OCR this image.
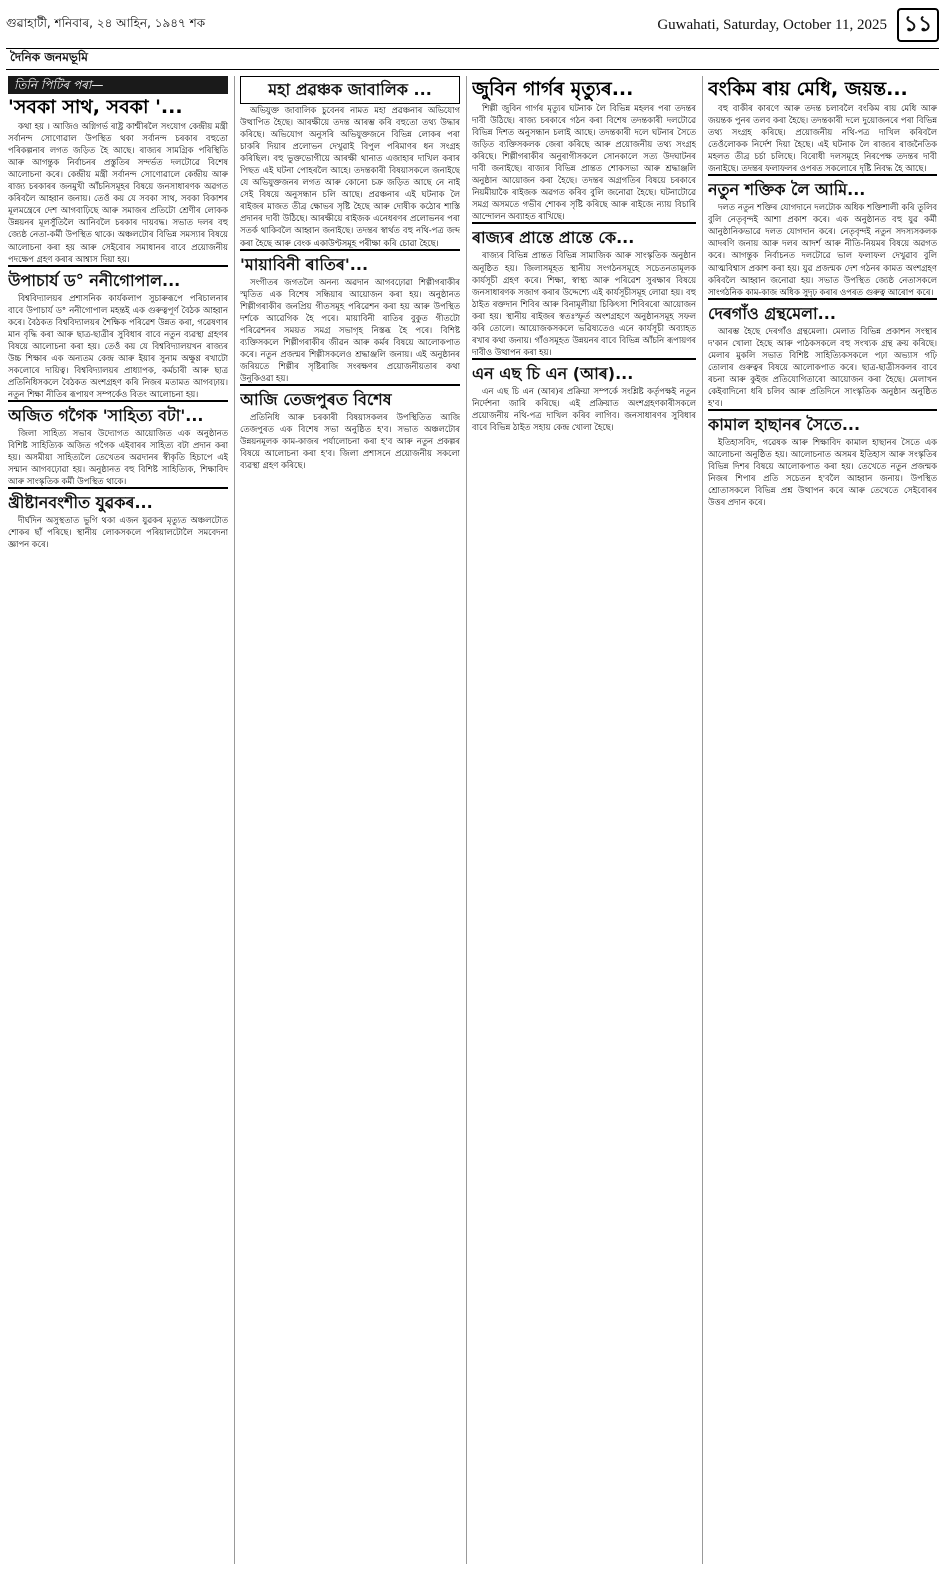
গুৱাহাটী, শনিবাৰ, ২৪ আহিন, ১৯৪৭ শক	Guwahati, Saturday, October 11, 2025 ১১
দৈনিক জনমভূমি

তিনি পিটিৰ পৰা—

'সবকা সাথ, সবকা '...

কথা হয় । আজিও অগ্নিগৰ্ভ ৰাষ্ট্ৰ কাশ্মীৰলৈ সংযোগ কেন্দ্ৰীয় মন্ত্ৰী সৰ্বানন্দ সোণোৱাল উপস্থিত থকা সৰ্বানন্দ চৰকাৰ বহুতো পৰিকল্পনাৰ লগত জড়িত হৈ আছে। ৰাজ্যৰ সামগ্ৰিক পৰিস্থিতি আৰু আগন্তুক নিৰ্বাচনৰ প্ৰস্তুতিৰ সন্দৰ্ভত দলটোৱে বিশেষ আলোচনা কৰে। কেন্দ্ৰীয় মন্ত্ৰী সৰ্বানন্দ সোণোৱালে কেন্দ্ৰীয় আৰু ৰাজ্য চৰকাৰৰ জনমুখী আঁচনিসমূহৰ বিষয়ে জনসাধাৰণক অৱগত কৰিবলৈ আহ্বান জনায়। তেওঁ কয় যে সবকা সাথ, সবকা বিকাশৰ মূলমন্ত্ৰেৰে দেশ আগবাঢ়িছে আৰু সমাজৰ প্ৰতিটো শ্ৰেণীৰ লোকক উন্নয়নৰ মূলসুঁতিলৈ আনিবলৈ চৰকাৰ দায়বদ্ধ। সভাত দলৰ বহু জ্যেষ্ঠ নেতা-কৰ্মী উপস্থিত থাকে। অঞ্চলটোৰ বিভিন্ন সমস্যাৰ বিষয়ে আলোচনা কৰা হয় আৰু সেইবোৰ সমাধানৰ বাবে প্ৰয়োজনীয় পদক্ষেপ গ্ৰহণ কৰাৰ আশ্বাস দিয়া হয়।

উপাচাৰ্য ড° ননীগোপাল...

বিশ্ববিদ্যালয়ৰ প্ৰশাসনিক কাৰ্যকলাপ সুচাৰুৰূপে পৰিচালনাৰ বাবে উপাচাৰ্য ড° ননীগোপাল মহন্তই এক গুৰুত্বপূৰ্ণ বৈঠক আহ্বান কৰে। বৈঠকত বিশ্ববিদ্যালয়ৰ শৈক্ষিক পৰিৱেশ উন্নত কৰা, গৱেষণাৰ মান বৃদ্ধি কৰা আৰু ছাত্ৰ-ছাত্ৰীৰ সুবিধাৰ বাবে নতুন ব্যৱস্থা গ্ৰহণৰ বিষয়ে আলোচনা কৰা হয়। তেওঁ কয় যে বিশ্ববিদ্যালয়খন ৰাজ্যৰ উচ্চ শিক্ষাৰ এক অন্যতম কেন্দ্ৰ আৰু ইয়াৰ সুনাম অক্ষুণ্ণ ৰখাটো সকলোৰে দায়িত্ব। বিশ্ববিদ্যালয়ৰ প্ৰাধ্যাপক, কৰ্মচাৰী আৰু ছাত্ৰ প্ৰতিনিধিসকলে বৈঠকত অংশগ্ৰহণ কৰি নিজৰ মতামত আগবঢ়ায়। নতুন শিক্ষা নীতিৰ ৰূপায়ণ সম্পৰ্কেও বিতং আলোচনা হয়।

অজিত গগৈক 'সাহিত্য বটা'...

জিলা সাহিত্য সভাৰ উদ্যোগত আয়োজিত এক অনুষ্ঠানত বিশিষ্ট সাহিত্যিক অজিত গগৈক এইবাৰৰ সাহিত্য বটা প্ৰদান কৰা হয়। অসমীয়া সাহিত্যলৈ তেখেতৰ অৱদানৰ স্বীকৃতি হিচাপে এই সন্মান আগবঢ়োৱা হয়। অনুষ্ঠানত বহু বিশিষ্ট সাহিত্যিক, শিক্ষাবিদ আৰু সাংস্কৃতিক কৰ্মী উপস্থিত থাকে।

খ্ৰীষ্টানবংশীত যুৱকৰ...

দীৰ্ঘদিন অসুস্থতাত ভুগি থকা এজন যুৱকৰ মৃত্যুত অঞ্চলটোত শোকৰ ছাঁ পৰিছে। স্থানীয় লোকসকলে পৰিয়ালটোলৈ সমবেদনা জ্ঞাপন কৰে।

মহা প্ৰৱঞ্চক জাবালিক ...

অভিযুক্ত জাবালিক চুবেনৰ নামত মহা প্ৰৱঞ্চনাৰ অভিযোগ উত্থাপিত হৈছে। আৰক্ষীয়ে তদন্ত আৰম্ভ কৰি বহুতো তথ্য উদ্ধাৰ কৰিছে। অভিযোগ অনুসৰি অভিযুক্তজনে বিভিন্ন লোকৰ পৰা চাকৰি দিয়াৰ প্ৰলোভন দেখুৱাই বিপুল পৰিমাণৰ ধন সংগ্ৰহ কৰিছিল। বহু ভুক্তভোগীয়ে আৰক্ষী থানাত এজাহাৰ দাখিল কৰাৰ পিছত এই ঘটনা পোহৰলৈ আহে। তদন্তকাৰী বিষয়াসকলে জনাইছে যে অভিযুক্তজনৰ লগত আৰু কোনো চক্ৰ জড়িত আছে নে নাই সেই বিষয়ে অনুসন্ধান চলি আছে। প্ৰৱঞ্চনাৰ এই ঘটনাক লৈ ৰাইজৰ মাজত তীব্ৰ ক্ষোভৰ সৃষ্টি হৈছে আৰু দোষীক কঠোৰ শাস্তি প্ৰদানৰ দাবী উঠিছে। আৰক্ষীয়ে ৰাইজক এনেধৰণৰ প্ৰলোভনৰ পৰা সতৰ্ক থাকিবলৈ আহ্বান জনাইছে। তদন্তৰ স্বাৰ্থত বহু নথি-পত্ৰ জব্দ কৰা হৈছে আৰু বেংক একাউণ্টসমূহ পৰীক্ষা কৰি চোৱা হৈছে।

'মায়াবিনী ৰাতিৰ'...

সংগীতৰ জগতলৈ অনন্য অৱদান আগবঢ়োৱা শিল্পীগৰাকীৰ স্মৃতিত এক বিশেষ সন্ধিয়াৰ আয়োজন কৰা হয়। অনুষ্ঠানত শিল্পীগৰাকীৰ জনপ্ৰিয় গীতসমূহ পৰিৱেশন কৰা হয় আৰু উপস্থিত দৰ্শকে আৱেগিক হৈ পৰে। মায়াবিনী ৰাতিৰ বুকুত গীতটো পৰিৱেশনৰ সময়ত সমগ্ৰ সভাগৃহ নিস্তব্ধ হৈ পৰে। বিশিষ্ট ব্যক্তিসকলে শিল্পীগৰাকীৰ জীৱন আৰু কৰ্মৰ বিষয়ে আলোকপাত কৰে। নতুন প্ৰজন্মৰ শিল্পীসকলেও শ্ৰদ্ধাঞ্জলি জনায়। এই অনুষ্ঠানৰ জৰিয়তে শিল্পীৰ সৃষ্টিৰাজি সংৰক্ষণৰ প্ৰয়োজনীয়তাৰ কথা উনুকিওৱা হয়।

আজি তেজপুৰত বিশেষ

প্ৰতিনিধি আৰু চৰকাৰী বিষয়াসকলৰ উপস্থিতিত আজি তেজপুৰত এক বিশেষ সভা অনুষ্ঠিত হ'ব। সভাত অঞ্চলটোৰ উন্নয়নমূলক কাম-কাজৰ পৰ্যালোচনা কৰা হ'ব আৰু নতুন প্ৰকল্পৰ বিষয়ে আলোচনা কৰা হ'ব। জিলা প্ৰশাসনে প্ৰয়োজনীয় সকলো ব্যৱস্থা গ্ৰহণ কৰিছে।

জুবিন গাৰ্গৰ মৃত্যুৰ...

শিল্পী জুবিন গাৰ্গৰ মৃত্যুৰ ঘটনাক লৈ বিভিন্ন মহলৰ পৰা তদন্তৰ দাবী উঠিছে। ৰাজ্য চৰকাৰে গঠন কৰা বিশেষ তদন্তকাৰী দলটোৱে বিভিন্ন দিশত অনুসন্ধান চলাই আছে। তদন্তকাৰী দলে ঘটনাৰ সৈতে জড়িত ব্যক্তিসকলক জেৰা কৰিছে আৰু প্ৰয়োজনীয় তথ্য সংগ্ৰহ কৰিছে। শিল্পীগৰাকীৰ অনুৰাগীসকলে সোনকালে সত্য উদঘাটনৰ দাবী জনাইছে। ৰাজ্যৰ বিভিন্ন প্ৰান্তত শোকসভা আৰু শ্ৰদ্ধাঞ্জলি অনুষ্ঠান আয়োজন কৰা হৈছে। তদন্তৰ অগ্ৰগতিৰ বিষয়ে চৰকাৰে নিয়মীয়াকৈ ৰাইজক অৱগত কৰিব বুলি জনোৱা হৈছে। ঘটনাটোৱে সমগ্ৰ অসমতে গভীৰ শোকৰ সৃষ্টি কৰিছে আৰু ৰাইজে ন্যায় বিচাৰি আন্দোলন অব্যাহত ৰাখিছে।

ৰাজ্যৰ প্ৰান্তে প্ৰান্তে কে...

ৰাজ্যৰ বিভিন্ন প্ৰান্তত বিভিন্ন সামাজিক আৰু সাংস্কৃতিক অনুষ্ঠান অনুষ্ঠিত হয়। জিলাসমূহত স্থানীয় সংগঠনসমূহে সচেতনতামূলক কাৰ্যসূচী গ্ৰহণ কৰে। শিক্ষা, স্বাস্থ্য আৰু পৰিৱেশ সুৰক্ষাৰ বিষয়ে জনসাধাৰণক সজাগ কৰাৰ উদ্দেশ্যে এই কাৰ্যসূচীসমূহ লোৱা হয়। বহু ঠাইত ৰক্তদান শিবিৰ আৰু বিনামূলীয়া চিকিৎসা শিবিৰৰো আয়োজন কৰা হয়। স্থানীয় ৰাইজৰ স্বতঃস্ফূৰ্ত অংশগ্ৰহণে অনুষ্ঠানসমূহ সফল কৰি তোলে। আয়োজকসকলে ভৱিষ্যতেও এনে কাৰ্যসূচী অব্যাহত ৰখাৰ কথা জনায়। গাঁওসমূহত উন্নয়নৰ বাবে বিভিন্ন আঁচনি ৰূপায়ণৰ দাবীও উত্থাপন কৰা হয়।

এন এছ চি এন (আৰ)...

এন এছ চি এন (আৰ)ৰ প্ৰক্ৰিয়া সম্পৰ্কে সংশ্লিষ্ট কৰ্তৃপক্ষই নতুন নিৰ্দেশনা জাৰি কৰিছে। এই প্ৰক্ৰিয়াত অংশগ্ৰহণকাৰীসকলে প্ৰয়োজনীয় নথি-পত্ৰ দাখিল কৰিব লাগিব। জনসাধাৰণৰ সুবিধাৰ বাবে বিভিন্ন ঠাইত সহায় কেন্দ্ৰ খোলা হৈছে।

বংকিম ৰায় মেধি, জয়ন্ত...

বহু বাকীৰ কাৰণে আৰু তদন্ত চলাবলৈ বংকিম ৰায় মেধি আৰু জয়ন্তক পুনৰ তলব কৰা হৈছে। তদন্তকাৰী দলে দুয়োজনৰে পৰা বিভিন্ন তথ্য সংগ্ৰহ কৰিছে। প্ৰয়োজনীয় নথি-পত্ৰ দাখিল কৰিবলৈ তেওঁলোকক নিৰ্দেশ দিয়া হৈছে। এই ঘটনাক লৈ ৰাজ্যৰ ৰাজনৈতিক মহলত তীব্ৰ চৰ্চা চলিছে। বিৰোধী দলসমূহে নিৰপেক্ষ তদন্তৰ দাবী জনাইছে। তদন্তৰ ফলাফলৰ ওপৰত সকলোৰে দৃষ্টি নিবদ্ধ হৈ আছে।

নতুন শক্তিক লৈ আমি...

দলত নতুন শক্তিৰ যোগদানে দলটোক অধিক শক্তিশালী কৰি তুলিব বুলি নেতৃবৃন্দই আশা প্ৰকাশ কৰে। এক অনুষ্ঠানত বহু যুৱ কৰ্মী আনুষ্ঠানিকভাৱে দলত যোগদান কৰে। নেতৃবৃন্দই নতুন সদস্যসকলক আদৰণি জনায় আৰু দলৰ আদৰ্শ আৰু নীতি-নিয়মৰ বিষয়ে অৱগত কৰে। আগন্তুক নিৰ্বাচনত দলটোৱে ভাল ফলাফল দেখুৱাব বুলি আত্মবিশ্বাস প্ৰকাশ কৰা হয়। যুৱ প্ৰজন্মক দেশ গঠনৰ কামত অংশগ্ৰহণ কৰিবলৈ আহ্বান জনোৱা হয়। সভাত উপস্থিত জ্যেষ্ঠ নেতাসকলে সাংগঠনিক কাম-কাজ অধিক সুদৃঢ় কৰাৰ ওপৰত গুৰুত্ব আৰোপ কৰে।

দেৰগাঁও গ্ৰন্থমেলা...

আৰম্ভ হৈছে দেৰগাঁও গ্ৰন্থমেলা। মেলাত বিভিন্ন প্ৰকাশন সংস্থাৰ দ'কান খোলা হৈছে আৰু পাঠকসকলে বহু সংখ্যক গ্ৰন্থ ক্ৰয় কৰিছে। মেলাৰ মুকলি সভাত বিশিষ্ট সাহিত্যিকসকলে পঢ়া অভ্যাস গঢ়ি তোলাৰ গুৰুত্বৰ বিষয়ে আলোকপাত কৰে। ছাত্ৰ-ছাত্ৰীসকলৰ বাবে ৰচনা আৰু কুইজ প্ৰতিযোগিতাৰো আয়োজন কৰা হৈছে। মেলাখন কেইবাদিনো ধৰি চলিব আৰু প্ৰতিদিনে সাংস্কৃতিক অনুষ্ঠান অনুষ্ঠিত হ'ব।

কামাল হাছানৰ সৈতে...

ইতিহাসবিদ, গৱেষক আৰু শিক্ষাবিদ কামাল হাছানৰ সৈতে এক আলোচনা অনুষ্ঠিত হয়। আলোচনাত অসমৰ ইতিহাস আৰু সংস্কৃতিৰ বিভিন্ন দিশৰ বিষয়ে আলোকপাত কৰা হয়। তেখেতে নতুন প্ৰজন্মক নিজৰ শিপাৰ প্ৰতি সচেতন হ'বলৈ আহ্বান জনায়। উপস্থিত শ্ৰোতাসকলে বিভিন্ন প্ৰশ্ন উত্থাপন কৰে আৰু তেখেতে সেইবোৰৰ উত্তৰ প্ৰদান কৰে।
